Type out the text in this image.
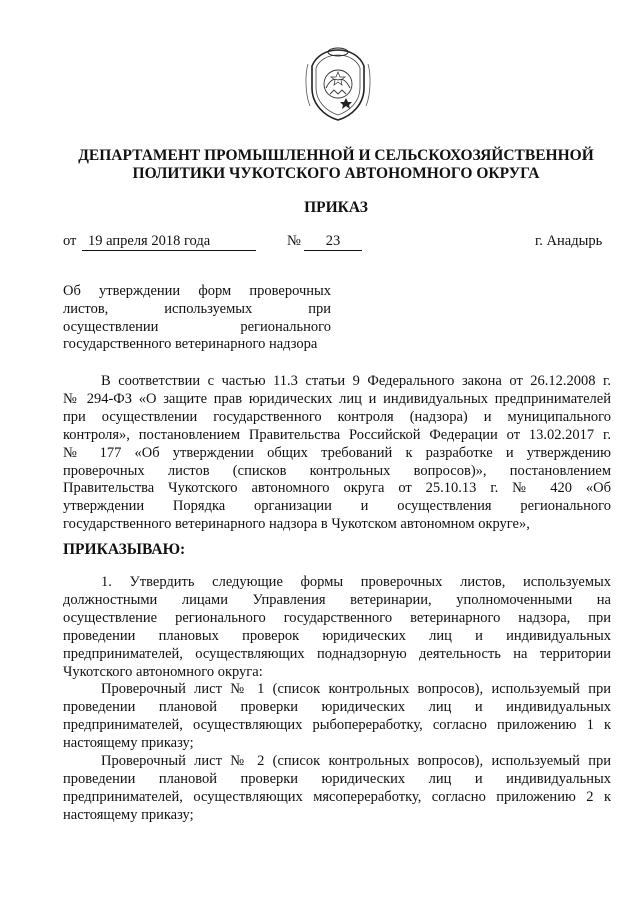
ДЕПАРТАМЕНТ ПРОМЫШЛЕННОЙ И СЕЛЬСКОХОЗЯЙСТВЕННОЙ
ПОЛИТИКИ ЧУКОТСКОГО АВТОНОМНОГО ОКРУГА
ПРИКАЗ
от 19 апреля 2018 года	№	23	г. Анадырь
Об утверждении форм проверочных
листов, используемых при
осуществлении регионального
государственного ветеринарного надзора
В соответствии с частью 11.3 статьи 9 Федерального закона от 26.12.2008 г.
№ 294-ФЗ «О защите прав юридических лиц и индивидуальных предпринимателей
при осуществлении государственного контроля (надзора) и муниципального
контроля», постановлением Правительства Российской Федерации от 13.02.2017 г.
№ 177 «Об утверждении общих требований к разработке и утверждению
проверочных листов (списков контрольных вопросов)», постановлением
Правительства Чукотского автономного округа от 25.10.13 г. № 420 «Об
утверждении Порядка организации и осуществления регионального
государственного ветеринарного надзора в Чукотском автономном округе»,
ПРИКАЗЫВАЮ:
1. Утвердить следующие формы проверочных листов, используемых
должностными лицами Управления ветеринарии, уполномоченными на
осуществление регионального государственного ветеринарного надзора, при
проведении плановых проверок юридических лиц и индивидуальных
предпринимателей, осуществляющих поднадзорную деятельность на территории
Чукотского автономного округа:
Проверочный лист № 1 (список контрольных вопросов), используемый при
проведении плановой проверки юридических лиц и индивидуальных
предпринимателей, осуществляющих рыбопереработку, согласно приложению 1 к
настоящему приказу;
Проверочный лист № 2 (список контрольных вопросов), используемый при
проведении плановой проверки юридических лиц и индивидуальных
предпринимателей, осуществляющих мясопереработку, согласно приложению 2 к
настоящему приказу;
